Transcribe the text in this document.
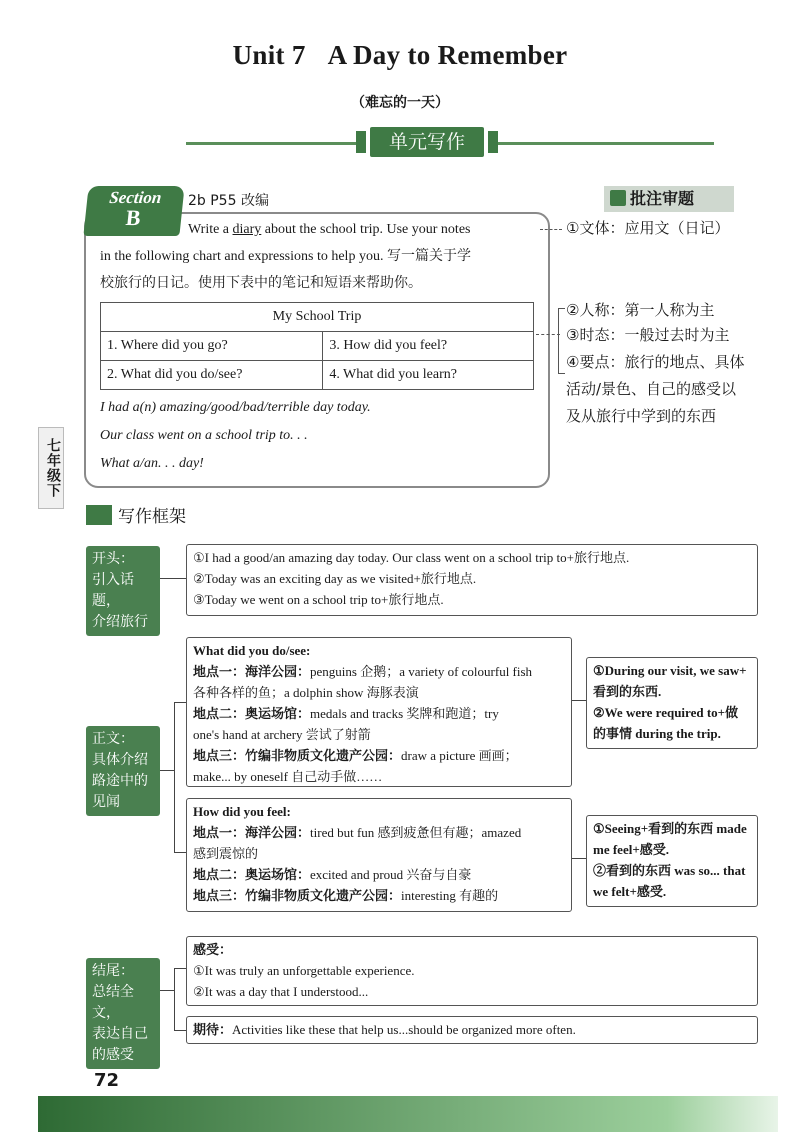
Unit 7 A Day to Remember
（难忘的一天）
单元写作
Section
B
2b P55 改编
Write a diary about the school trip. Use your notes
in the following chart and expressions to help you. 写一篇关于学
校旅行的日记。使用下表中的笔记和短语来帮助你。
My School Trip	
1. Where did you go?	3. How did you feel?
2. What did you do/see?	4. What did you learn?
I had a(n) amazing/good/bad/terrible day today.
Our class went on a school trip to. . .
What a/an. . . day!
七年级下
批注审题
①文体：应用文（日记）
②人称：第一人称为主
③时态：一般过去时为主
④要点：旅行的地点、具体
活动/景色、自己的感受以
及从旅行中学到的东西
写作框架
开头：
引入话题，
介绍旅行
①I had a good/an amazing day today. Our class went on a school trip to+旅行地点.
②Today was an exciting day as we visited+旅行地点.
③Today we went on a school trip to+旅行地点.
正文：
具体介绍
路途中的
见闻
What did you do/see:
地点一：海洋公园：penguins 企鹅；a variety of colourful fish
各种各样的鱼；a dolphin show 海豚表演
地点二：奥运场馆：medals and tracks 奖牌和跑道；try
one's hand at archery 尝试了射箭
地点三：竹编非物质文化遗产公园：draw a picture 画画；
make... by oneself 自己动手做……
①During our visit, we saw+
看到的东西.
②We were required to+做
的事情 during the trip.
How did you feel:
地点一：海洋公园：tired but fun 感到疲惫但有趣；amazed
感到震惊的
地点二：奥运场馆：excited and proud 兴奋与自豪
地点三：竹编非物质文化遗产公园：interesting 有趣的
①Seeing+看到的东西 made
me feel+感受.
②看到的东西 was so... that
we felt+感受.
结尾：
总结全文，
表达自己
的感受
感受：
①It was truly an unforgettable experience.
②It was a day that I understood...
期待：Activities like these that help us...should be organized more often.
72
